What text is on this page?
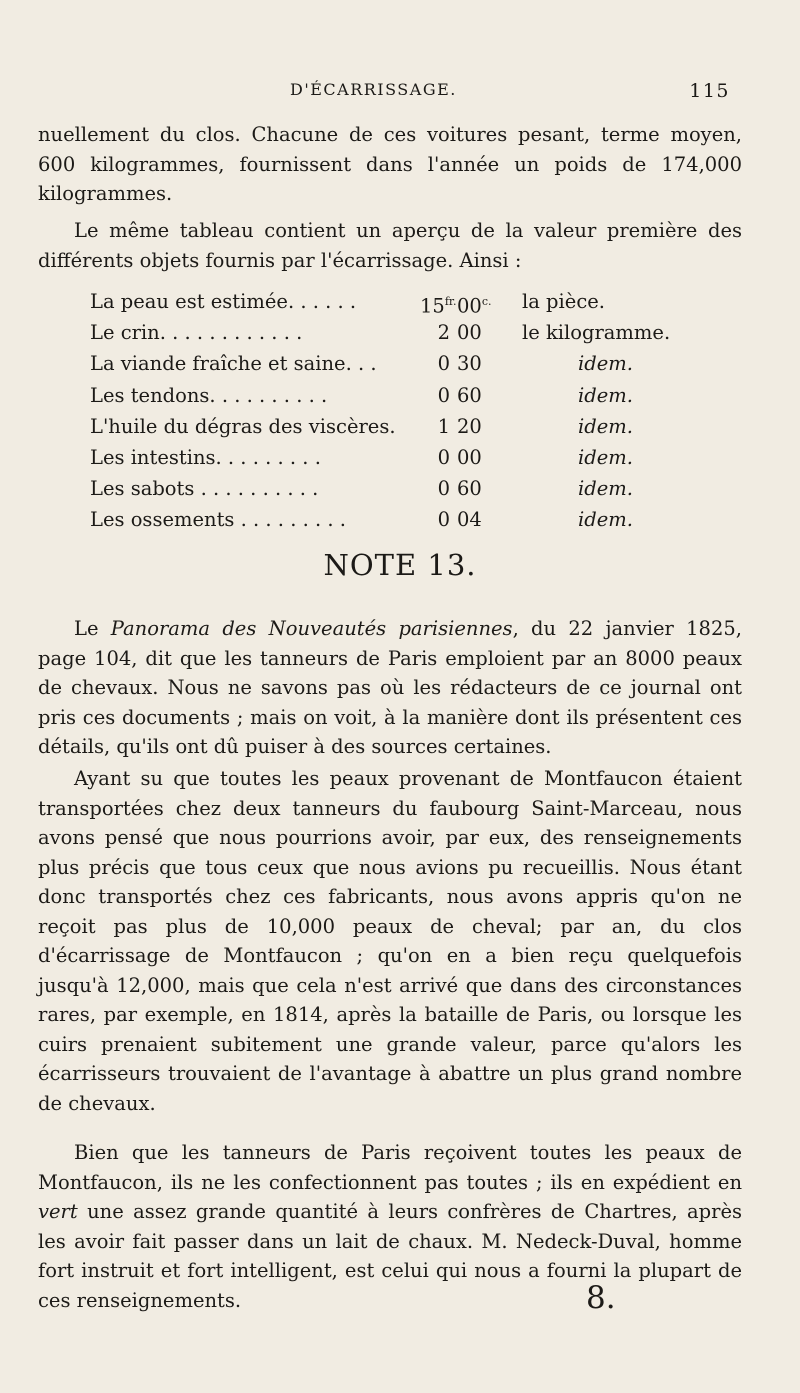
D'ÉCARRISSAGE.	115

nuellement du clos. Chacune de ces voitures pesant, terme moyen, 600 kilogrammes, fournissent dans l'année un poids de 174,000 kilogrammes.

Le même tableau contient un aperçu de la valeur première des différents objets fournis par l'écarrissage. Ainsi :

La peau est estimée. . . . . .	$15^{fr.}$ $00^{c.}$ la pièce.
Le crin. . . . . . . . . . . .	2 00	le kilogramme.
La viande fraîche et saine. . .	0 30	idem.
Les tendons. . . . . . . . . .	0 60	idem.
L'huile du dégras des viscères.	1 20	idem.
Les intestins. . . . . . . . .	0 00	idem.
Les sabots . . . . . . . . . .	0 60	idem.
Les ossements . . . . . . . . .	0 04	idem.
NOTE 13.

Le Panorama des Nouveautés parisiennes, du 22 janvier 1825, page 104, dit que les tanneurs de Paris emploient par an 8000 peaux de chevaux. Nous ne savons pas où les rédacteurs de ce journal ont pris ces documents ; mais on voit, à la manière dont ils présentent ces détails, qu'ils ont dû puiser à des sources certaines.

Ayant su que toutes les peaux provenant de Montfaucon étaient transportées chez deux tanneurs du faubourg Saint-Marceau, nous avons pensé que nous pourrions avoir, par eux, des renseignements plus précis que tous ceux que nous avions pu recueillis. Nous étant donc transportés chez ces fabricants, nous avons appris qu'on ne reçoit pas plus de 10,000 peaux de cheval; par an, du clos d'écarrissage de Montfaucon ; qu'on en a bien reçu quelquefois jusqu'à 12,000, mais que cela n'est arrivé que dans des circonstances rares, par exemple, en 1814, après la bataille de Paris, ou lorsque les cuirs prenaient subitement une grande valeur, parce qu'alors les écarrisseurs trouvaient de l'avantage à abattre un plus grand nombre de chevaux.

Bien que les tanneurs de Paris reçoivent toutes les peaux de Montfaucon, ils ne les confectionnent pas toutes ; ils en expédient en vert une assez grande quantité à leurs confrères de Chartres, après les avoir fait passer dans un lait de chaux. M. Nedeck-Duval, homme fort instruit et fort intelligent, est celui qui nous a fourni la plupart de ces renseignements.	8.
